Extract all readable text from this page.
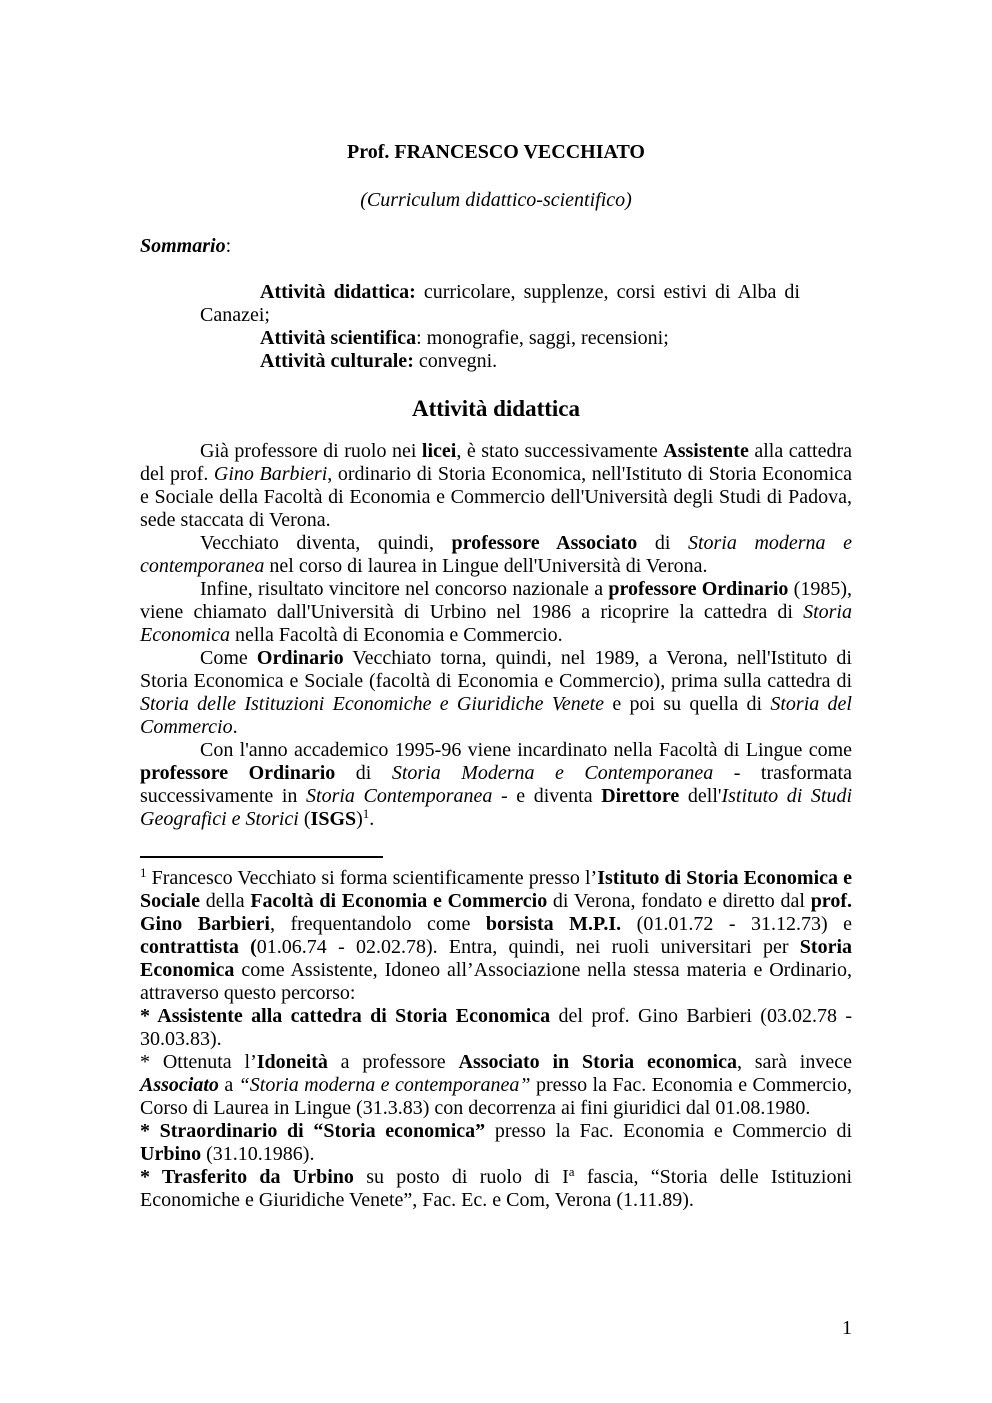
Prof. FRANCESCO VECCHIATO
(Curriculum didattico-scientifico)
Sommario:

Attività didattica: curricolare, supplenze, corsi estivi di Alba di Canazei;

Attività scientifica: monografie, saggi, recensioni;

Attività culturale: convegni.

Attività didattica

Già professore di ruolo nei licei, è stato successivamente Assistente alla cattedra del prof. Gino Barbieri, ordinario di Storia Economica, nell'Istituto di Storia Economica e Sociale della Facoltà di Economia e Commercio dell'Università degli Studi di Padova, sede staccata di Verona.

Vecchiato diventa, quindi, professore Associato di Storia moderna e contemporanea nel corso di laurea in Lingue dell'Università di Verona.

Infine, risultato vincitore nel concorso nazionale a professore Ordinario (1985), viene chiamato dall'Università di Urbino nel 1986 a ricoprire la cattedra di Storia Economica nella Facoltà di Economia e Commercio.

Come Ordinario Vecchiato torna, quindi, nel 1989, a Verona, nell'Istituto di Storia Economica e Sociale (facoltà di Economia e Commercio), prima sulla cattedra di Storia delle Istituzioni Economiche e Giuridiche Venete e poi su quella di Storia del Commercio.

Con l'anno accademico 1995-96 viene incardinato nella Facoltà di Lingue come professore Ordinario di Storia Moderna e Contemporanea - trasformata successivamente in Storia Contemporanea - e diventa Direttore dell'Istituto di Studi Geografici e Storici (ISGS)$^1$.

$^1$ Francesco Vecchiato si forma scientificamente presso l’Istituto di Storia Economica e Sociale della Facoltà di Economia e Commercio di Verona, fondato e diretto dal prof. Gino Barbieri, frequentandolo come borsista M.P.I. (01.01.72 - 31.12.73) e contrattista (01.06.74 - 02.02.78). Entra, quindi, nei ruoli universitari per Storia Economica come Assistente, Idoneo all’Associazione nella stessa materia e Ordinario, attraverso questo percorso:

* Assistente alla cattedra di Storia Economica del prof. Gino Barbieri (03.02.78 - 30.03.83).

* Ottenuta l’Idoneità a professore Associato in Storia economica, sarà invece Associato a “Storia moderna e contemporanea” presso la Fac. Economia e Commercio, Corso di Laurea in Lingue (31.3.83) con decorrenza ai fini giuridici dal 01.08.1980.

* Straordinario di “Storia economica” presso la Fac. Economia e Commercio di Urbino (31.10.1986).

* Trasferito da Urbino su posto di ruolo di $I^a$ fascia, “Storia delle Istituzioni Economiche e Giuridiche Venete”, Fac. Ec. e Com, Verona (1.11.89).

1
